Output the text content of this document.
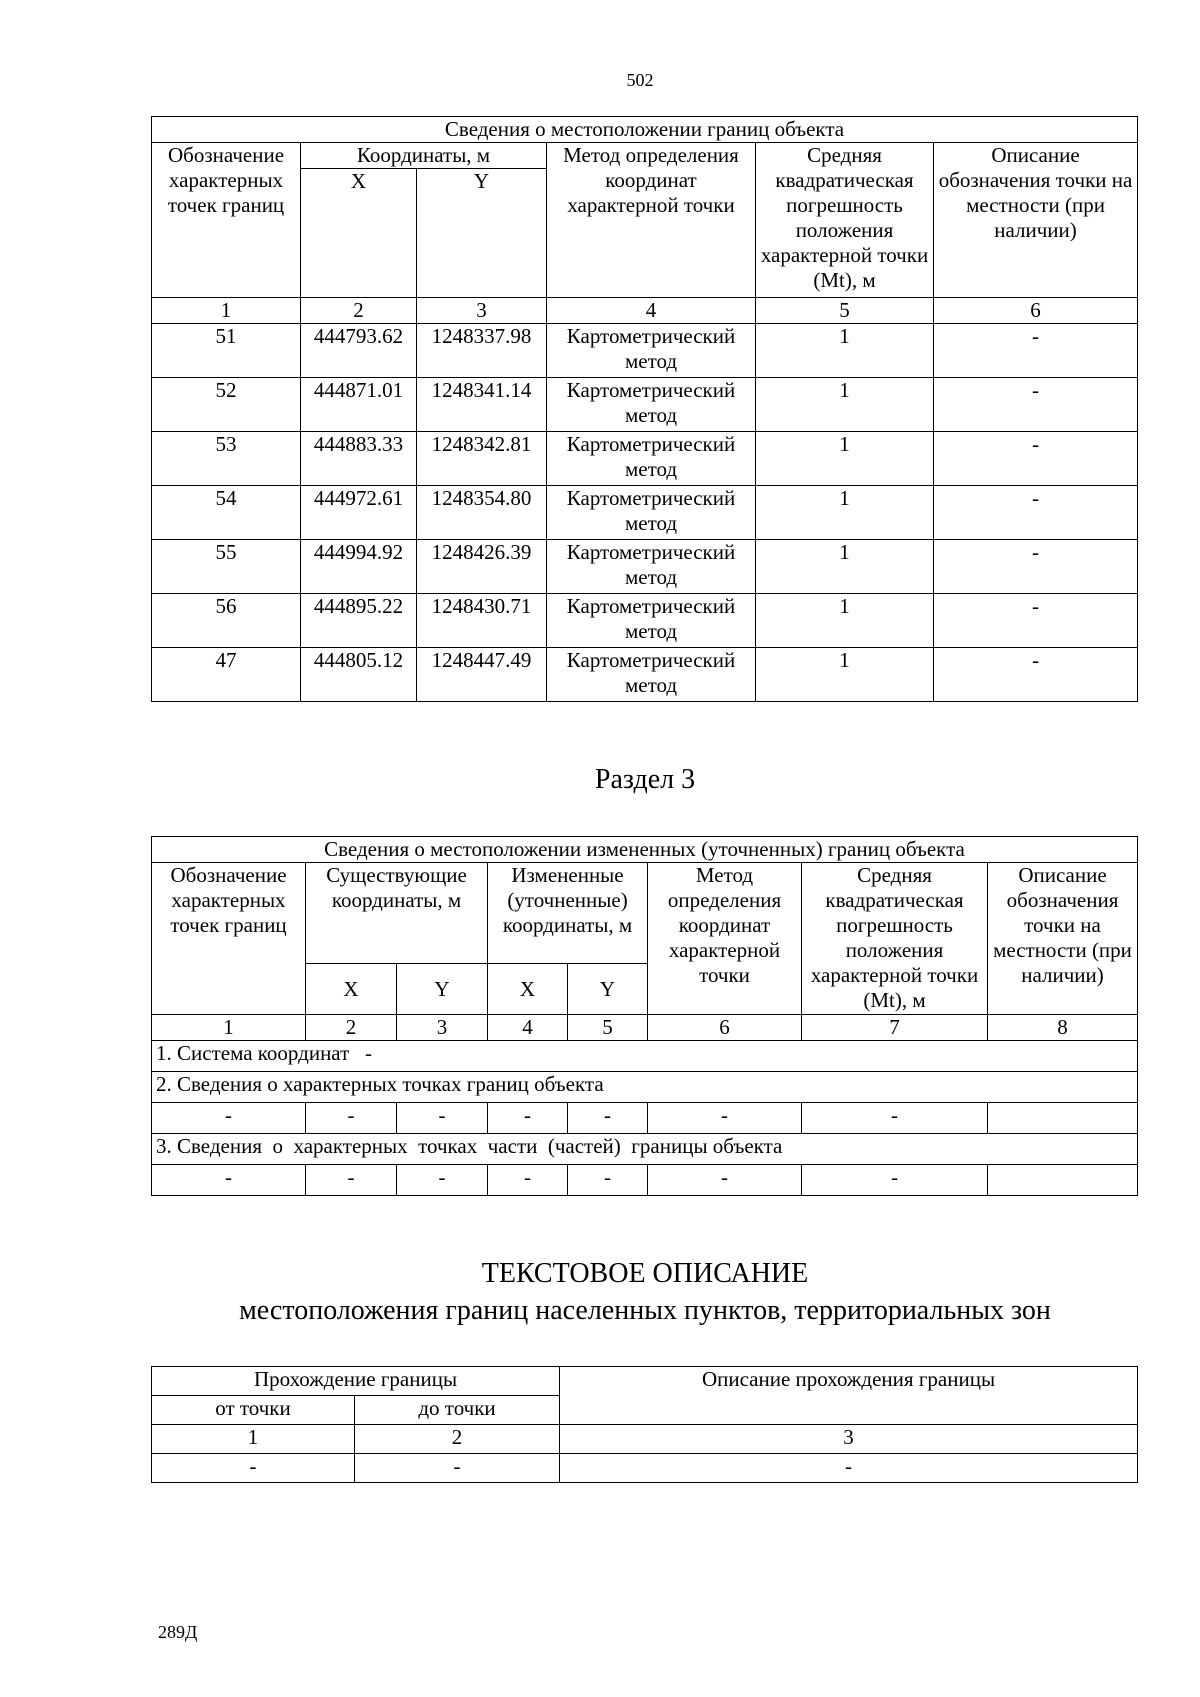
502
Сведения о местоположении границ объекта					
Обозначение характерных точек границ	Координаты, м		Метод определения координат характерной точки	Средняя квадратическая погрешность положения характерной точки (Mt), м	Описание обозначения точки на местности (при наличии)
	X	Y			
1	2	3	4	5	6
51	444793.62	1248337.98	Картометрический метод	1	-
52	444871.01	1248341.14	Картометрический метод	1	-
53	444883.33	1248342.81	Картометрический метод	1	-
54	444972.61	1248354.80	Картометрический метод	1	-
55	444994.92	1248426.39	Картометрический метод	1	-
56	444895.22	1248430.71	Картометрический метод	1	-
47	444805.12	1248447.49	Картометрический метод	1	-
Раздел 3
Сведения о местоположении измененных (уточненных) границ объекта							
Обозначение характерных точек границ	Существующие координаты, м		Измененные (уточненные) координаты, м		Метод определения координат характерной точки	Средняя квадратическая погрешность положения характерной точки (Mt), м	Описание обозначения точки на местности (при наличии)
	X	Y	X	Y			
1	2	3	4	5	6	7	8
1. Система координат   -							
2. Сведения о характерных точках границ объекта							
-	-	-	-	-	-	-	
3. Сведения  о  характерных  точках  части  (частей)  границы объекта							
-	-	-	-	-	-	-	
ТЕКСТОВОЕ ОПИСАНИЕ
местоположения границ населенных пунктов, территориальных зон
Прохождение границы		Описание прохождения границы
от точки	до точки	
1	2	3
-	-	-
289Д
